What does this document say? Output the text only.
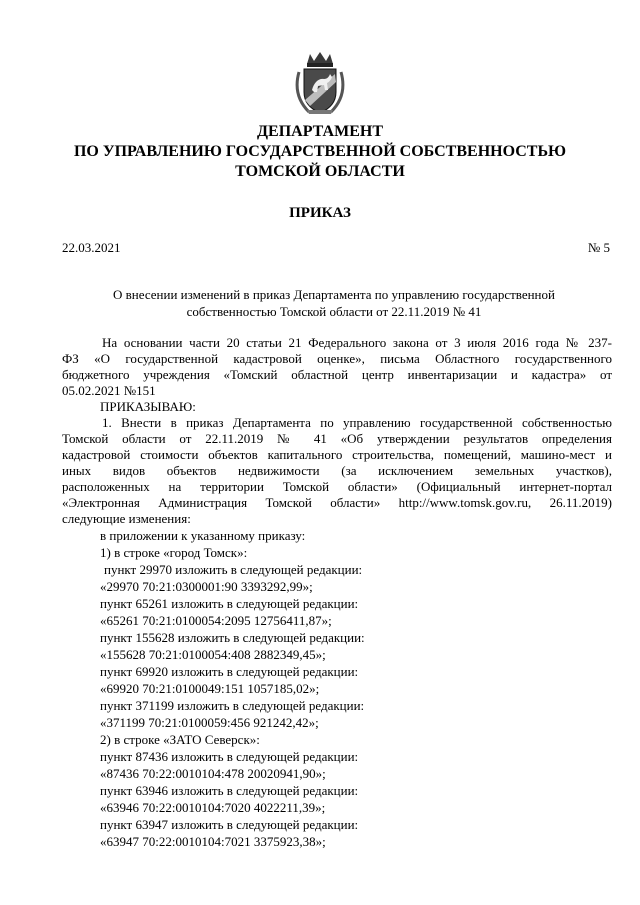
ДЕПАРТАМЕНТ
ПО УПРАВЛЕНИЮ ГОСУДАРСТВЕННОЙ СОБСТВЕННОСТЬЮ
ТОМСКОЙ ОБЛАСТИ
ПРИКАЗ
22.03.2021	№ 5
О внесении изменений в приказ Департамента по управлению государственной
собственностью Томской области от 22.11.2019 № 41
На основании части 20 статьи 21 Федерального закона от 3 июля 2016 года № 237-
ФЗ «О государственной кадастровой оценке», письма Областного государственного
бюджетного учреждения «Томский областной центр инвентаризации и кадастра» от
05.02.2021 №151
ПРИКАЗЫВАЮ:
1. Внести в приказ Департамента по управлению государственной собственностью
Томской области от 22.11.2019 № 41 «Об утверждении результатов определения
кадастровой стоимости объектов капитального строительства, помещений, машино-мест и
иных видов объектов недвижимости (за исключением земельных участков),
расположенных на территории Томской области» (Официальный интернет-портал
«Электронная Администрация Томской области» http://www.tomsk.gov.ru, 26.11.2019)
следующие изменения:
в приложении к указанному приказу:
1) в строке «город Томск»:
пункт 29970 изложить в следующей редакции:
«29970 70:21:0300001:90 3393292,99»;
пункт 65261 изложить в следующей редакции:
«65261 70:21:0100054:2095 12756411,87»;
пункт 155628 изложить в следующей редакции:
«155628 70:21:0100054:408 2882349,45»;
пункт 69920 изложить в следующей редакции:
«69920 70:21:0100049:151 1057185,02»;
пункт 371199 изложить в следующей редакции:
«371199 70:21:0100059:456 921242,42»;
2) в строке «ЗАТО Северск»:
пункт 87436 изложить в следующей редакции:
«87436 70:22:0010104:478 20020941,90»;
пункт 63946 изложить в следующей редакции:
«63946 70:22:0010104:7020 4022211,39»;
пункт 63947 изложить в следующей редакции:
«63947 70:22:0010104:7021 3375923,38»;
